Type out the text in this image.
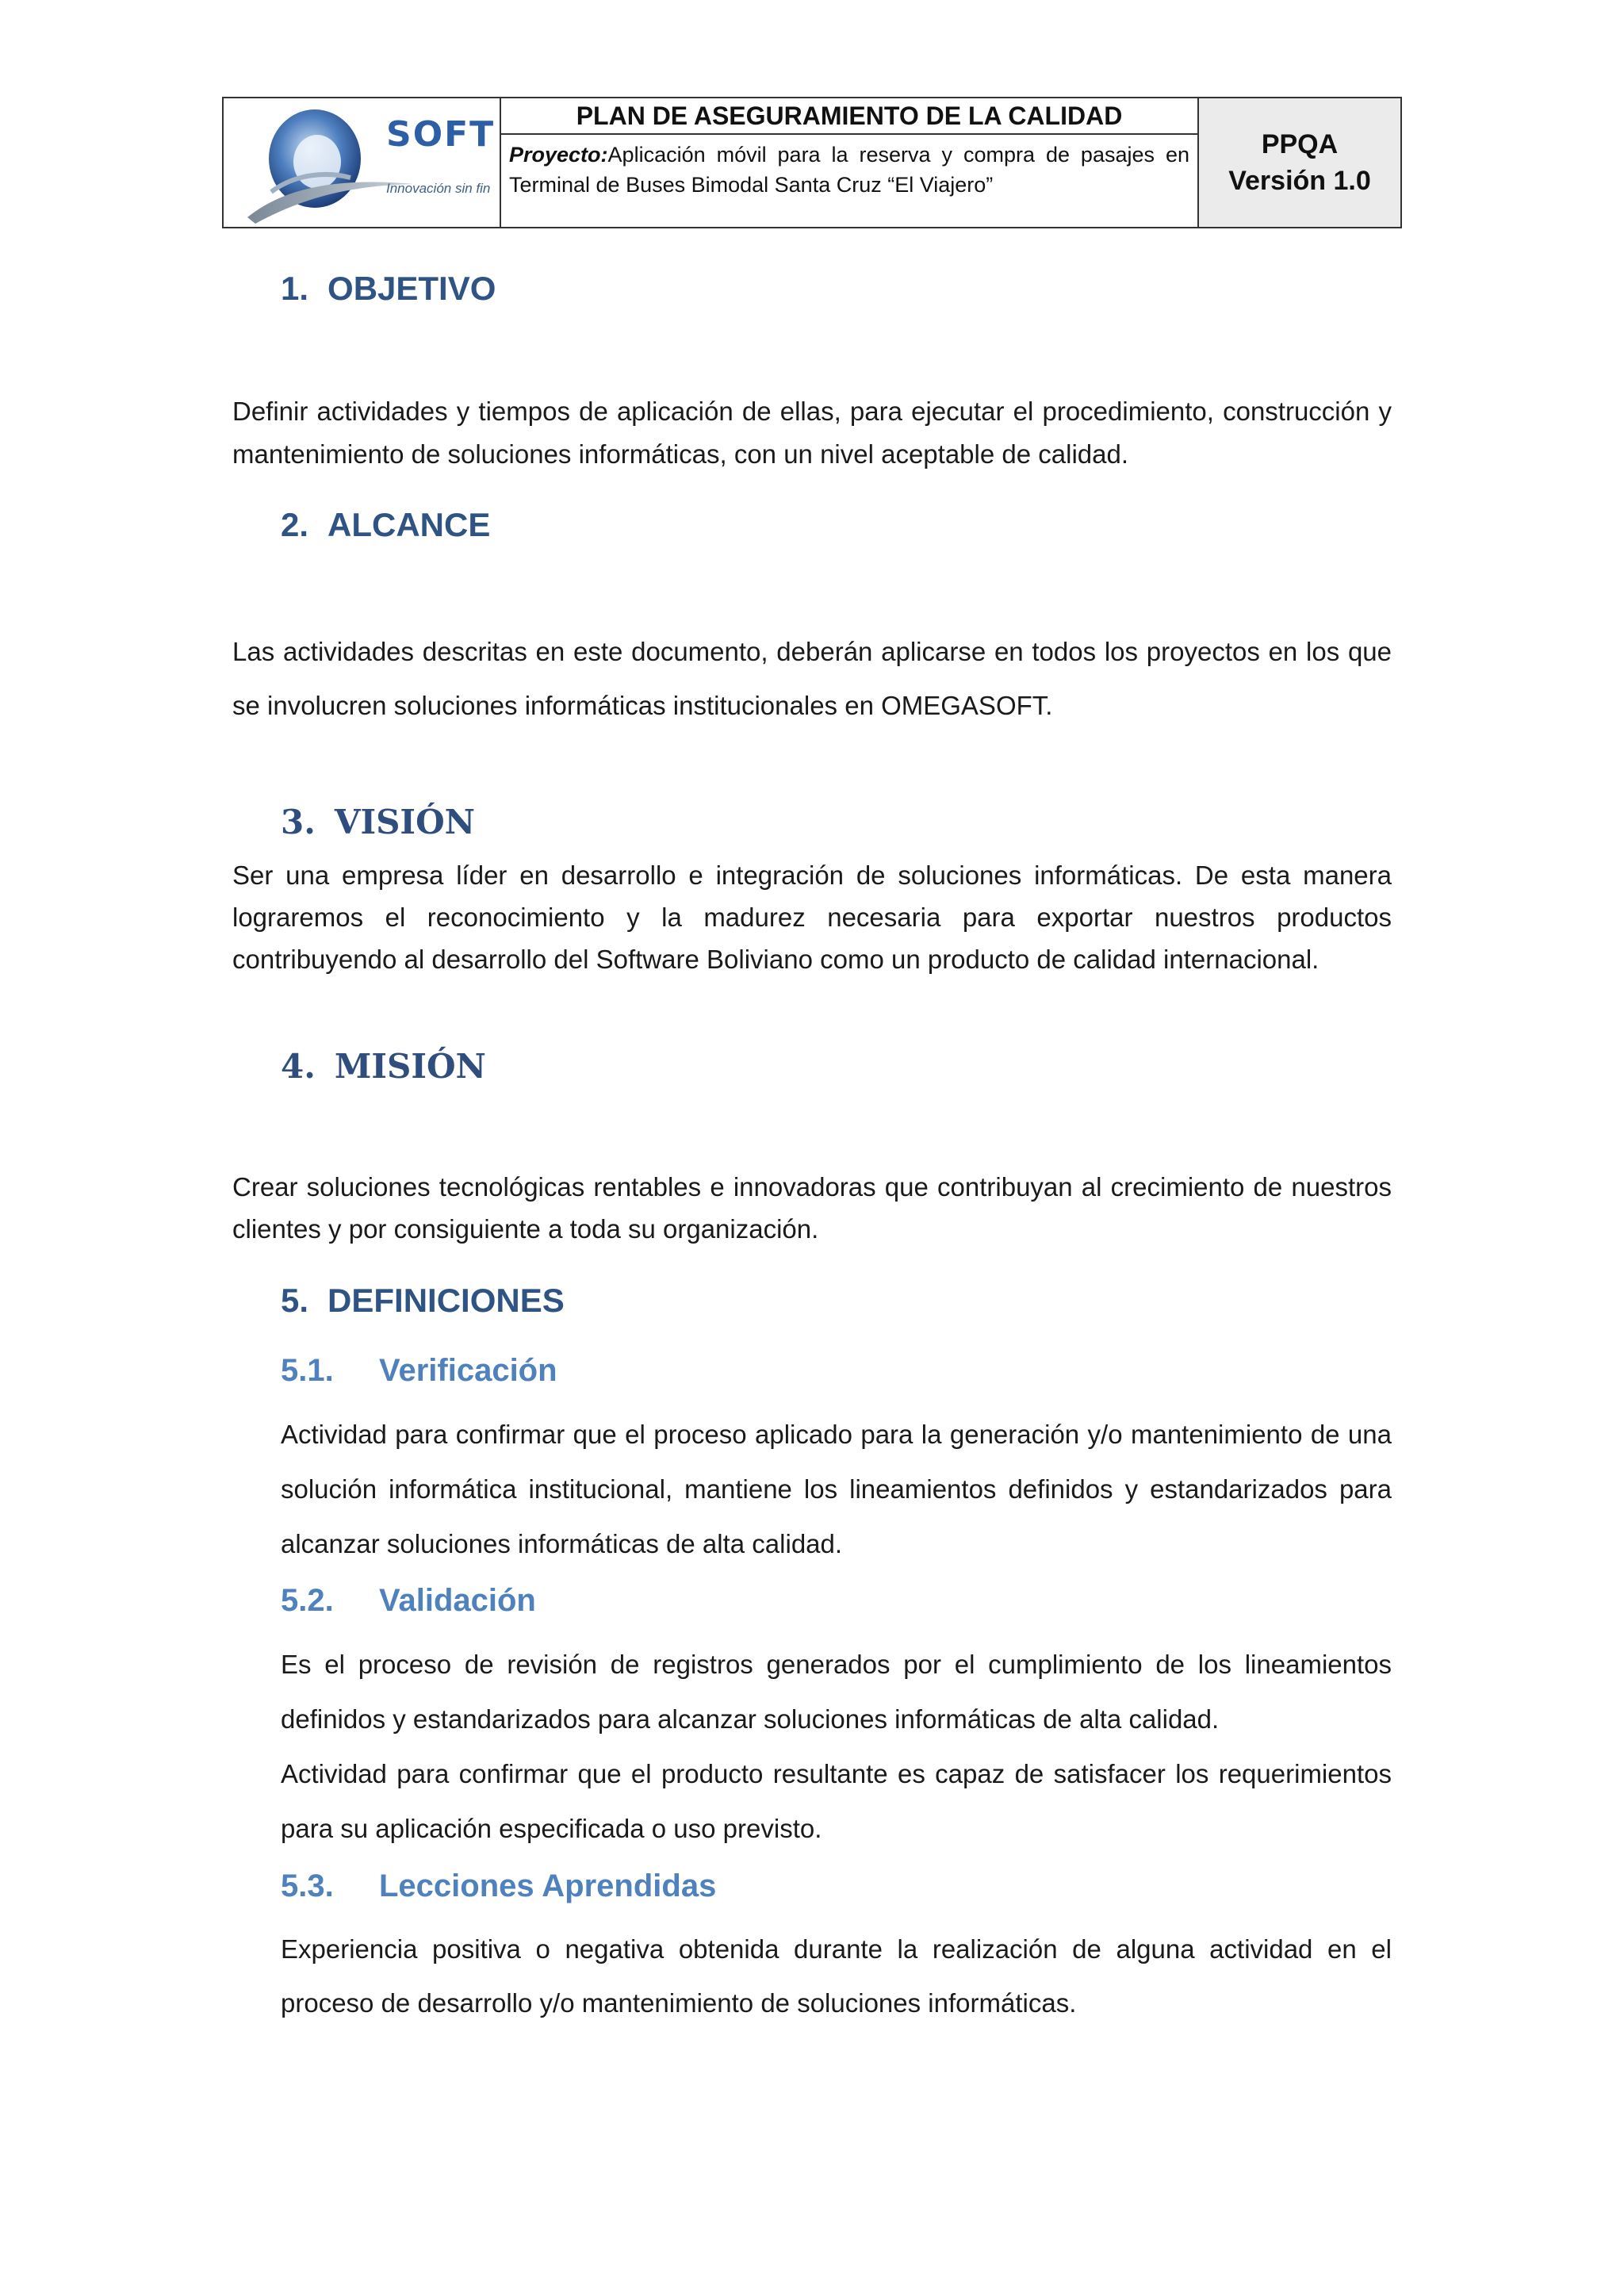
SOFT
Innovación sin fin
PLAN DE ASEGURAMIENTO DE LA CALIDAD
Proyecto:Aplicación móvil para la reserva y compra de pasajes en Terminal de Buses Bimodal Santa Cruz “El Viajero”
PPQA
Versión 1.0
1. OBJETIVO
Definir actividades y tiempos de aplicación de ellas, para ejecutar el procedimiento, construcción y mantenimiento de soluciones informáticas, con un nivel aceptable de calidad.
2. ALCANCE
Las actividades descritas en este documento, deberán aplicarse en todos los proyectos en los que se involucren soluciones informáticas institucionales en OMEGASOFT.
3. VISIÓN
Ser una empresa líder en desarrollo e integración de soluciones informáticas. De esta manera lograremos el reconocimiento y la madurez necesaria para exportar nuestros productos contribuyendo al desarrollo del Software Boliviano como un producto de calidad internacional.
4. MISIÓN
Crear soluciones tecnológicas rentables e innovadoras que contribuyan al crecimiento de nuestros clientes y por consiguiente a toda su organización.
5. DEFINICIONES
5.1.	Verificación
Actividad para confirmar que el proceso aplicado para la generación y/o mantenimiento de una solución informática institucional, mantiene los lineamientos definidos y estandarizados para alcanzar soluciones informáticas de alta calidad.
5.2.	Validación
Es el proceso de revisión de registros generados por el cumplimiento de los lineamientos definidos y estandarizados para alcanzar soluciones informáticas de alta calidad.
Actividad para confirmar que el producto resultante es capaz de satisfacer los requerimientos para su aplicación especificada o uso previsto.
5.3.	Lecciones Aprendidas
Experiencia positiva o negativa obtenida durante la realización de alguna actividad en el proceso de desarrollo y/o mantenimiento de soluciones informáticas.
